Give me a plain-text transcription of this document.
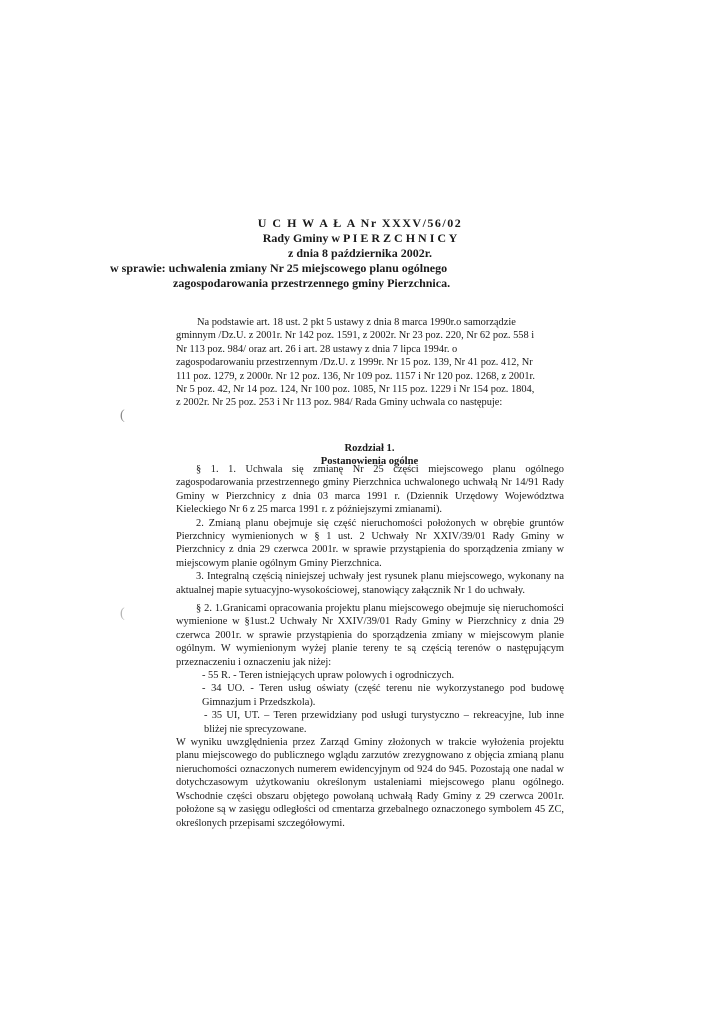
(
(
U C H W A Ł A Nr XXXV/56/02
Rady Gminy w P I E R Z C H N I C Y
z dnia 8 października 2002r.
w sprawie: uchwalenia zmiany Nr 25 miejscowego planu ogólnego
zagospodarowania przestrzennego gminy Pierzchnica.
Na podstawie art. 18 ust. 2 pkt 5 ustawy z dnia 8 marca 1990r.o samorządzie
gminnym /Dz.U. z 2001r. Nr 142 poz. 1591, z 2002r. Nr 23 poz. 220, Nr 62 poz. 558 i
Nr 113 poz. 984/ oraz art. 26 i art. 28 ustawy z dnia 7 lipca 1994r. o
zagospodarowaniu przestrzennym /Dz.U. z 1999r. Nr 15 poz. 139, Nr 41 poz. 412, Nr
111 poz. 1279, z 2000r. Nr 12 poz. 136, Nr 109 poz. 1157 i Nr 120 poz. 1268, z 2001r.
Nr 5 poz. 42, Nr 14 poz. 124, Nr 100 poz. 1085, Nr 115 poz. 1229 i Nr 154 poz. 1804,
z 2002r. Nr 25 poz. 253 i Nr 113 poz. 984/ Rada Gminy uchwala co następuje:
Rozdział 1.
Postanowienia ogólne

§ 1. 1. Uchwala się zmianę Nr 25 części miejscowego planu ogólnego zagospodarowania przestrzennego gminy Pierzchnica uchwalonego uchwałą Nr 14/91 Rady Gminy w Pierzchnicy z dnia 03 marca 1991 r. (Dziennik Urzędowy Województwa Kieleckiego Nr 6 z 25 marca 1991 r. z późniejszymi zmianami).

2. Zmianą planu obejmuje się część nieruchomości położonych w obrębie gruntów Pierzchnicy wymienionych w § 1 ust. 2 Uchwały Nr XXIV/39/01 Rady Gminy w Pierzchnicy z dnia 29 czerwca 2001r. w sprawie przystąpienia do sporządzenia zmiany w miejscowym planie ogólnym Gminy Pierzchnica.

3. Integralną częścią niniejszej uchwały jest rysunek planu miejscowego, wykonany na aktualnej mapie sytuacyjno-wysokościowej, stanowiący załącznik Nr 1 do uchwały.

§ 2. 1.Granicami opracowania projektu planu miejscowego obejmuje się nieruchomości wymienione w §1ust.2 Uchwały Nr XXIV/39/01 Rady Gminy w Pierzchnicy z dnia 29 czerwca 2001r. w sprawie przystąpienia do sporządzenia zmiany w miejscowym planie ogólnym. W wymienionym wyżej planie tereny te są częścią terenów o następującym przeznaczeniu i oznaczeniu jak niżej:

- 55 R. - Teren istniejących upraw polowych i ogrodniczych.

- 34 UO. - Teren usług oświaty (część terenu nie wykorzystanego pod budowę Gimnazjum i Przedszkola).

- 35 UI, UT. – Teren przewidziany pod usługi turystyczno – rekreacyjne, lub inne bliżej nie sprecyzowane.

W wyniku uwzględnienia przez Zarząd Gminy złożonych w trakcie wyłożenia projektu planu miejscowego do publicznego wglądu zarzutów zrezygnowano z objęcia zmianą planu nieruchomości oznaczonych numerem ewidencyjnym od 924 do 945. Pozostają one nadal w dotychczasowym użytkowaniu określonym ustaleniami miejscowego planu ogólnego. Wschodnie części obszaru objętego powołaną uchwałą Rady Gminy z 29 czerwca 2001r. położone są w zasięgu odległości od cmentarza grzebalnego oznaczonego symbolem 45 ZC, określonych przepisami szczegółowymi.
